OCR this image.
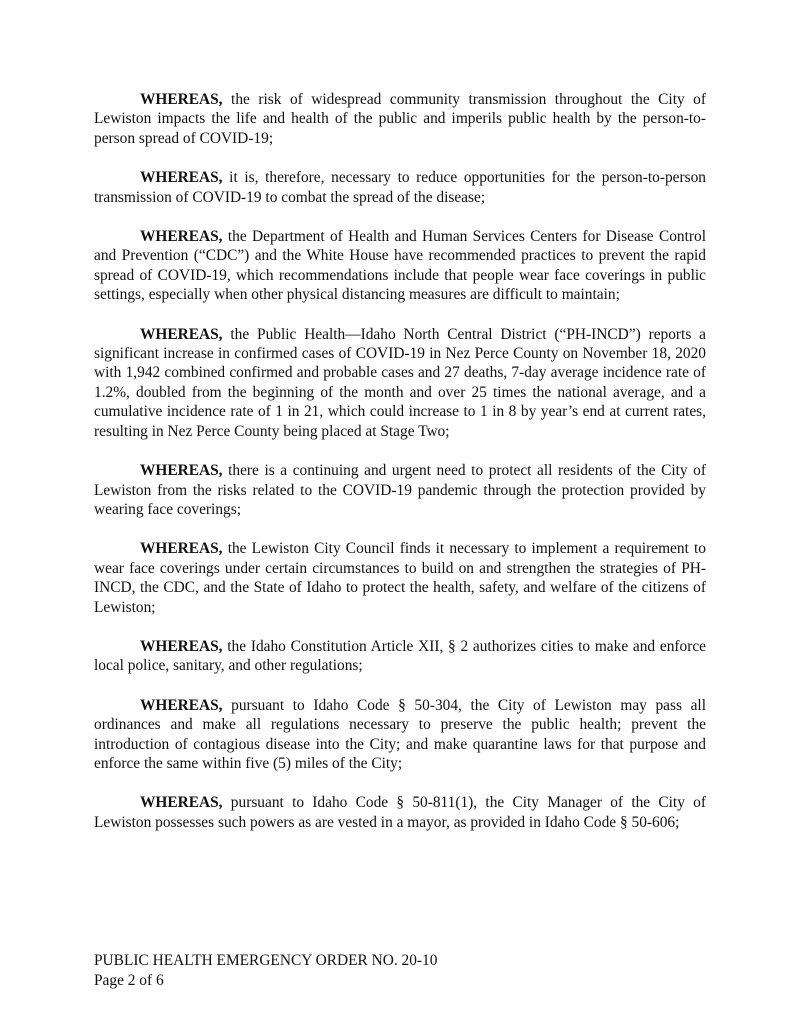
WHEREAS, the risk of widespread community transmission throughout the City of Lewiston impacts the life and health of the public and imperils public health by the person-to-person spread of COVID-19;

WHEREAS, it is, therefore, necessary to reduce opportunities for the person-to-person transmission of COVID-19 to combat the spread of the disease;

WHEREAS, the Department of Health and Human Services Centers for Disease Control and Prevention (“CDC”) and the White House have recommended practices to prevent the rapid spread of COVID-19, which recommendations include that people wear face coverings in public settings, especially when other physical distancing measures are difficult to maintain;

WHEREAS, the Public Health—Idaho North Central District (“PH-INCD”) reports a significant increase in confirmed cases of COVID-19 in Nez Perce County on November 18, 2020 with 1,942 combined confirmed and probable cases and 27 deaths, 7-day average incidence rate of 1.2%, doubled from the beginning of the month and over 25 times the national average, and a cumulative incidence rate of 1 in 21, which could increase to 1 in 8 by year’s end at current rates, resulting in Nez Perce County being placed at Stage Two;

WHEREAS, there is a continuing and urgent need to protect all residents of the City of Lewiston from the risks related to the COVID-19 pandemic through the protection provided by wearing face coverings;

WHEREAS, the Lewiston City Council finds it necessary to implement a requirement to wear face coverings under certain circumstances to build on and strengthen the strategies of PH-INCD, the CDC, and the State of Idaho to protect the health, safety, and welfare of the citizens of Lewiston;

WHEREAS, the Idaho Constitution Article XII, § 2 authorizes cities to make and enforce local police, sanitary, and other regulations;

WHEREAS, pursuant to Idaho Code § 50-304, the City of Lewiston may pass all ordinances and make all regulations necessary to preserve the public health; prevent the introduction of contagious disease into the City; and make quarantine laws for that purpose and enforce the same within five (5) miles of the City;

WHEREAS, pursuant to Idaho Code § 50-811(1), the City Manager of the City of Lewiston possesses such powers as are vested in a mayor, as provided in Idaho Code § 50-606;

PUBLIC HEALTH EMERGENCY ORDER NO. 20-10
Page 2 of 6
